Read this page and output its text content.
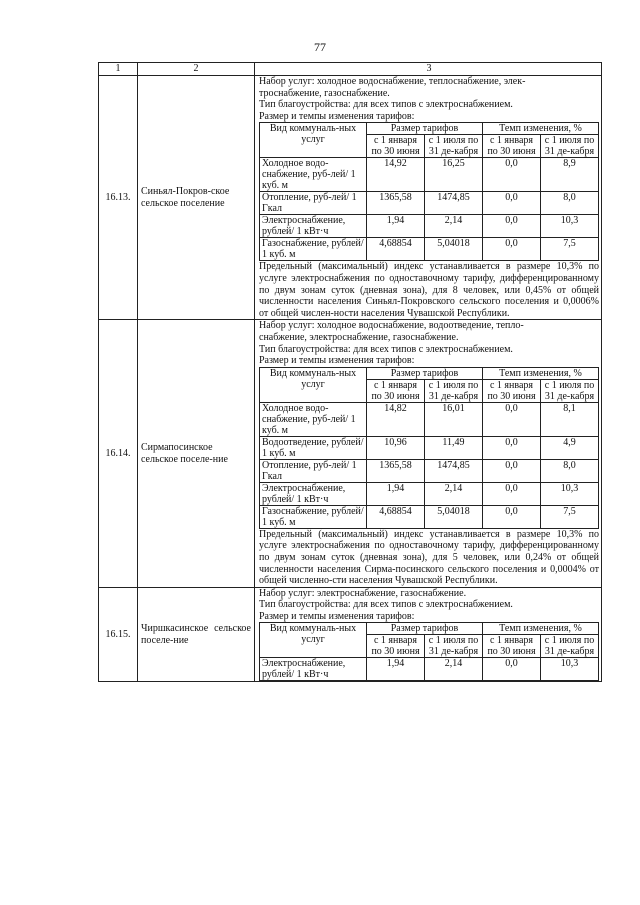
77
1	2	3
16.13.	Синьял-Покров-ское сельское поселение	
Набор услуг: холодное водоснабжение, теплоснабжение, элек-
троснабжение, газоснабжение.
Тип благоустройства: для всех типов с электроснабжением.
Размер и темпы изменения тарифов:
Вид коммуналь-ных услуг	Размер тарифов	Темп изменения, %
с 1 января по 30 июня	с 1 июля по 31 де-кабря	с 1 января по 30 июня	с 1 июля по 31 де-кабря
Холодное водо-снабжение, руб-лей/ 1 куб. м	14,92	16,25	0,0	8,9
Отопление, руб-лей/ 1 Гкал	1365,58	1474,85	0,0	8,0
Электроснабжение, рублей/ 1 кВт·ч	1,94	2,14	0,0	10,3
Газоснабжение, рублей/ 1 куб. м	4,68854	5,04018	0,0	7,5
Предельный (максимальный) индекс устанавливается в размере 10,3% по услуге электроснабжения по одноставочному тарифу, дифференцированному по двум зонам суток (дневная зона), для 8 человек, или 0,45% от общей численности населения Синьял-Покровского сельского поселения и 0,0006% от общей числен-ности населения Чувашской Республики.

16.14.	Сирмапосинское сельское поселе-ние	
Набор услуг: холодное водоснабжение, водоотведение, тепло-
снабжение, электроснабжение, газоснабжение.
Тип благоустройства: для всех типов с электроснабжением.
Размер и темпы изменения тарифов:
Вид коммуналь-ных услуг	Размер тарифов	Темп изменения, %
с 1 января по 30 июня	с 1 июля по 31 де-кабря	с 1 января по 30 июня	с 1 июля по 31 де-кабря
Холодное водо-снабжение, руб-лей/ 1 куб. м	14,82	16,01	0,0	8,1
Водоотведение, рублей/ 1 куб. м	10,96	11,49	0,0	4,9
Отопление, руб-лей/ 1 Гкал	1365,58	1474,85	0,0	8,0
Электроснабжение, рублей/ 1 кВт·ч	1,94	2,14	0,0	10,3
Газоснабжение, рублей/ 1 куб. м	4,68854	5,04018	0,0	7,5
Предельный (максимальный) индекс устанавливается в размере 10,3% по услуге электроснабжения по одноставочному тарифу, дифференцированному по двум зонам суток (дневная зона), для 5 человек, или 0,24% от общей численности населения Сирма-посинского сельского поселения и 0,0004% от общей численно-сти населения Чувашской Республики.

16.15.	Чиршкасинское сельское поселе-ние	
Набор услуг: электроснабжение, газоснабжение.
Тип благоустройства: для всех типов с электроснабжением.
Размер и темпы изменения тарифов:
Вид коммуналь-ных услуг	Размер тарифов	Темп изменения, %
с 1 января по 30 июня	с 1 июля по 31 де-кабря	с 1 января по 30 июня	с 1 июля по 31 де-кабря
Электроснабжение, рублей/ 1 кВт·ч	1,94	2,14	0,0	10,3
